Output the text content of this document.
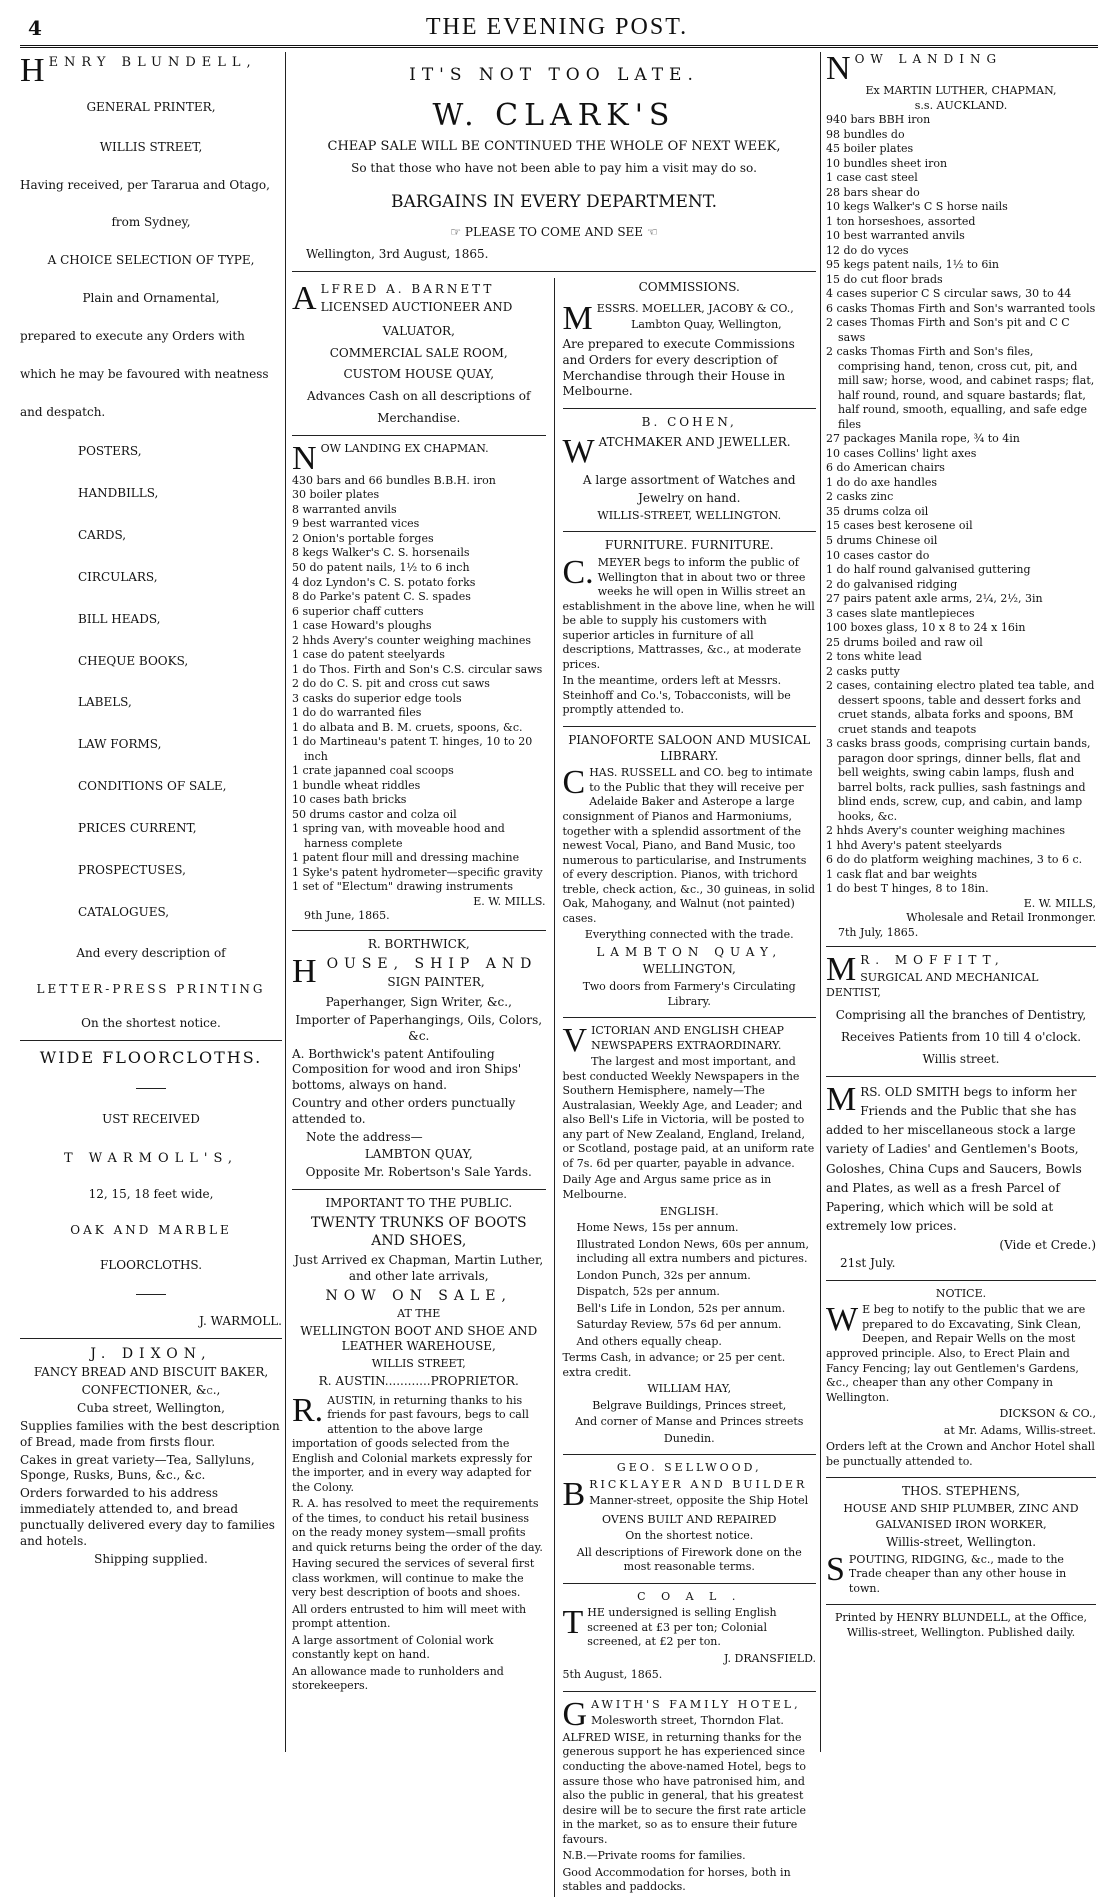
4	THE EVENING POST.

HENRY BLUNDELL,

GENERAL PRINTER,

WILLIS STREET,

Having received, per Tararua and Otago,

from Sydney,

A CHOICE SELECTION OF TYPE,

Plain and Ornamental,

prepared to execute any Orders with

which he may be favoured with neatness

and despatch.

POSTERS,

HANDBILLS,

CARDS,

CIRCULARS,

BILL HEADS,

CHEQUE BOOKS,

LABELS,

LAW FORMS,

CONDITIONS OF SALE,

PRICES CURRENT,

PROSPECTUSES,

CATALOGUES,

And every description of

LETTER-PRESS PRINTING

On the shortest notice.

WIDE FLOORCLOTHS.

UST RECEIVED

T WARMOLL'S,

12, 15, 18 feet wide,

OAK AND MARBLE

FLOORCLOTHS.

J. WARMOLL.

J. DIXON,

FANCY BREAD AND BISCUIT BAKER,

CONFECTIONER, &c.,

Cuba street, Wellington,

Supplies families with the best description of Bread, made from firsts flour.

Cakes in great variety—Tea, Sallyluns, Sponge, Rusks, Buns, &c., &c.

Orders forwarded to his address immediately attended to, and bread punctually delivered every day to families and hotels.

Shipping supplied.

IT'S NOT TOO LATE.

W. CLARK'S

CHEAP SALE WILL BE CONTINUED THE WHOLE OF NEXT WEEK,

So that those who have not been able to pay him a visit may do so.

BARGAINS IN EVERY DEPARTMENT.

☞ PLEASE TO COME AND SEE ☜

Wellington, 3rd August, 1865.

ALFRED A. BARNETT

LICENSED AUCTIONEER AND

VALUATOR,

COMMERCIAL SALE ROOM,

CUSTOM HOUSE QUAY,

Advances Cash on all descriptions of

Merchandise.

NOW LANDING EX CHAPMAN.

430 bars and 66 bundles B.B.H. iron

30 boiler plates

8 warranted anvils

9 best warranted vices

2 Onion's portable forges

8 kegs Walker's C. S. horsenails

50 do patent nails, 1½ to 6 inch

4 doz Lyndon's C. S. potato forks

8 do Parke's patent C. S. spades

6 superior chaff cutters

1 case Howard's ploughs

2 hhds Avery's counter weighing machines

1 case do patent steelyards

1 do Thos. Firth and Son's C.S. circular saws

2 do do C. S. pit and cross cut saws

3 casks do superior edge tools

1 do do warranted files

1 do albata and B. M. cruets, spoons, &c.

1 do Martineau's patent T. hinges, 10 to 20 inch

1 crate japanned coal scoops

1 bundle wheat riddles

10 cases bath bricks

50 drums castor and colza oil

1 spring van, with moveable hood and harness complete

1 patent flour mill and dressing machine

1 Syke's patent hydrometer—specific gravity

1 set of "Electum" drawing instruments

E. W. MILLS.

9th June, 1865.

R. BORTHWICK,

HOUSE, SHIP AND

SIGN PAINTER,

Paperhanger, Sign Writer, &c.,

Importer of Paperhangings, Oils, Colors, &c.

A. Borthwick's patent Antifouling Composition for wood and iron Ships' bottoms, always on hand.

Country and other orders punctually attended to.

Note the address—

LAMBTON QUAY,

Opposite Mr. Robertson's Sale Yards.

IMPORTANT TO THE PUBLIC.

TWENTY TRUNKS OF BOOTS AND SHOES,

Just Arrived ex Chapman, Martin Luther, and other late arrivals,

NOW ON SALE,

AT THE

WELLINGTON BOOT AND SHOE AND LEATHER WAREHOUSE,

WILLIS STREET,

R. AUSTIN............PROPRIETOR.

R. AUSTIN, in returning thanks to his friends for past favours, begs to call attention to the above large importation of goods selected from the English and Colonial markets expressly for the importer, and in every way adapted for the Colony.

R. A. has resolved to meet the requirements of the times, to conduct his retail business on the ready money system—small profits and quick returns being the order of the day.

Having secured the services of several first class workmen, will continue to make the very best description of boots and shoes.

All orders entrusted to him will meet with prompt attention.

A large assortment of Colonial work constantly kept on hand.

An allowance made to runholders and storekeepers.

COMMISSIONS.

MESSRS. MOELLER, JACOBY & CO.,

Lambton Quay, Wellington,

Are prepared to execute Commissions and Orders for every description of Merchandise through their House in Melbourne.

B. COHEN,

WATCHMAKER AND JEWELLER.

A large assortment of Watches and

Jewelry on hand.

WILLIS-STREET, WELLINGTON.

FURNITURE. FURNITURE.

C. MEYER begs to inform the public of Wellington that in about two or three weeks he will open in Willis street an establishment in the above line, when he will be able to supply his customers with superior articles in furniture of all descriptions, Mattrasses, &c., at moderate prices.

In the meantime, orders left at Messrs. Steinhoff and Co.'s, Tobacconists, will be promptly attended to.

PIANOFORTE SALOON AND MUSICAL LIBRARY.

CHAS. RUSSELL and CO. beg to intimate to the Public that they will receive per Adelaide Baker and Asterope a large consignment of Pianos and Harmoniums, together with a splendid assortment of the newest Vocal, Piano, and Band Music, too numerous to particularise, and Instruments of every description. Pianos, with trichord treble, check action, &c., 30 guineas, in solid Oak, Mahogany, and Walnut (not painted) cases.

Everything connected with the trade.

LAMBTON QUAY,

WELLINGTON,

Two doors from Farmery's Circulating Library.

VICTORIAN AND ENGLISH CHEAP NEWSPAPERS EXTRAORDINARY.

The largest and most important, and best conducted Weekly Newspapers in the Southern Hemisphere, namely—The Australasian, Weekly Age, and Leader; and also Bell's Life in Victoria, will be posted to any part of New Zealand, England, Ireland, or Scotland, postage paid, at an uniform rate of 7s. 6d per quarter, payable in advance.

Daily Age and Argus same price as in Melbourne.

ENGLISH.

Home News, 15s per annum.

Illustrated London News, 60s per annum, including all extra numbers and pictures.

London Punch, 32s per annum.

Dispatch, 52s per annum.

Bell's Life in London, 52s per annum.

Saturday Review, 57s 6d per annum.

And others equally cheap.

Terms Cash, in advance; or 25 per cent. extra credit.

WILLIAM HAY,

Belgrave Buildings, Princes street,

And corner of Manse and Princes streets

Dunedin.

GEO. SELLWOOD,

BRICKLAYER AND BUILDER

Manner-street, opposite the Ship Hotel

OVENS BUILT AND REPAIRED

On the shortest notice.

All descriptions of Firework done on the most reasonable terms.

C O A L .

THE undersigned is selling English screened at £3 per ton; Colonial screened, at £2 per ton.

J. DRANSFIELD.

5th August, 1865.

GAWITH'S FAMILY HOTEL,

Molesworth street, Thorndon Flat.

ALFRED WISE, in returning thanks for the generous support he has experienced since conducting the above-named Hotel, begs to assure those who have patronised him, and also the public in general, that his greatest desire will be to secure the first rate article in the market, so as to ensure their future favours.

N.B.—Private rooms for families.

Good Accommodation for horses, both in stables and paddocks.

NOW LANDING

Ex MARTIN LUTHER, CHAPMAN,

s.s. AUCKLAND.

940 bars BBH iron

98 bundles do

45 boiler plates

10 bundles sheet iron

1 case cast steel

28 bars shear do

10 kegs Walker's C S horse nails

1 ton horseshoes, assorted

10 best warranted anvils

12 do do vyces

95 kegs patent nails, 1½ to 6in

15 do cut floor brads

4 cases superior C S circular saws, 30 to 44

6 casks Thomas Firth and Son's warranted tools

2 cases Thomas Firth and Son's pit and C C saws

2 casks Thomas Firth and Son's files, comprising hand, tenon, cross cut, pit, and mill saw; horse, wood, and cabinet rasps; flat, half round, round, and square bastards; flat, half round, smooth, equalling, and safe edge files

27 packages Manila rope, ¾ to 4in

10 cases Collins' light axes

6 do American chairs

1 do do axe handles

2 casks zinc

35 drums colza oil

15 cases best kerosene oil

5 drums Chinese oil

10 cases castor do

1 do half round galvanised guttering

2 do galvanised ridging

27 pairs patent axle arms, 2¼, 2½, 3in

3 cases slate mantlepieces

100 boxes glass, 10 x 8 to 24 x 16in

25 drums boiled and raw oil

2 tons white lead

2 casks putty

2 cases, containing electro plated tea table, and dessert spoons, table and dessert forks and cruet stands, albata forks and spoons, BM cruet stands and teapots

3 casks brass goods, comprising curtain bands, paragon door springs, dinner bells, flat and bell weights, swing cabin lamps, flush and barrel bolts, rack pullies, sash fastnings and blind ends, screw, cup, and cabin, and lamp hooks, &c.

2 hhds Avery's counter weighing machines

1 hhd Avery's patent steelyards

6 do do platform weighing machines, 3 to 6 c.

1 cask flat and bar weights

1 do best T hinges, 8 to 18in.

E. W. MILLS,

Wholesale and Retail Ironmonger.

7th July, 1865.

M R. MOFFITT,

SURGICAL AND MECHANICAL DENTIST,

Comprising all the branches of Dentistry,

Receives Patients from 10 till 4 o'clock.

Willis street.

MRS. OLD SMITH begs to inform her Friends and the Public that she has added to her miscellaneous stock a large variety of Ladies' and Gentlemen's Boots, Goloshes, China Cups and Saucers, Bowls and Plates, as well as a fresh Parcel of Papering, which which will be sold at extremely low prices.

(Vide et Crede.)

21st July.

NOTICE.

W E beg to notify to the public that we are prepared to do Excavating, Sink Clean, Deepen, and Repair Wells on the most approved principle. Also, to Erect Plain and Fancy Fencing; lay out Gentlemen's Gardens, &c., cheaper than any other Company in Wellington.

DICKSON & CO.,

at Mr. Adams, Willis-street.

Orders left at the Crown and Anchor Hotel shall be punctually attended to.

THOS. STEPHENS,

HOUSE AND SHIP PLUMBER, ZINC AND

GALVANISED IRON WORKER,

Willis-street, Wellington.

SPOUTING, RIDGING, &c., made to the Trade cheaper than any other house in town.

Printed by HENRY BLUNDELL, at the Office, Willis-street, Wellington. Published daily.
